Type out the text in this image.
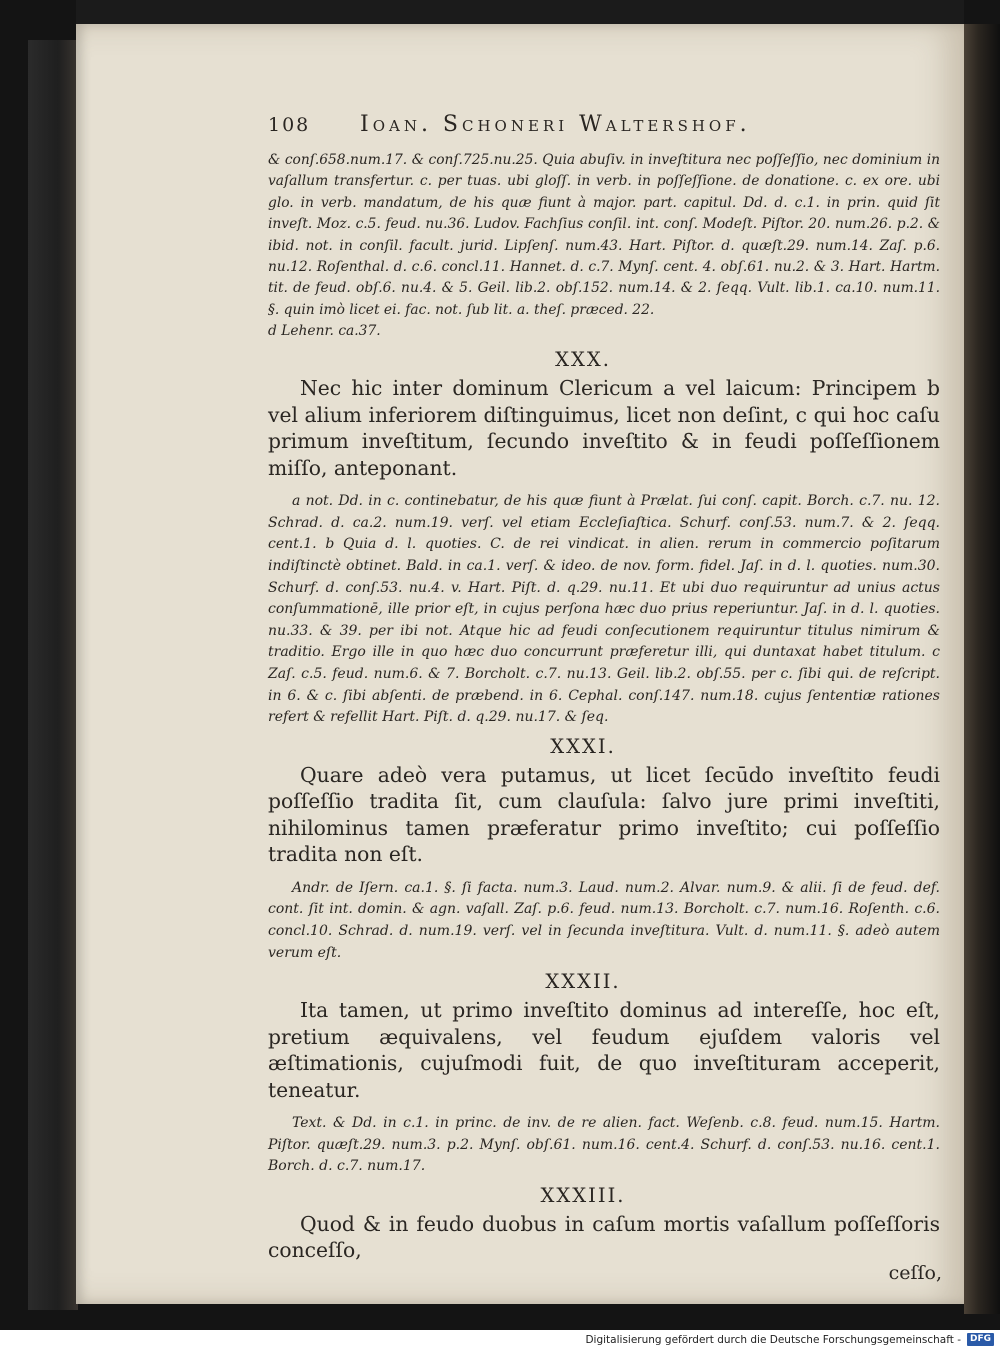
108	Ioan. Schoneri Waltershof.

& conſ.658.num.17. & conſ.725.nu.25. Quia abuſiv. in inveſtitura nec poſſeſſio, nec dominium in vaſallum transfertur. c. per tuas. ubi gloſſ. in verb. in poſſeſſione. de donatione. c. ex ore. ubi glo. in verb. mandatum, de his quæ fiunt à major. part. capitul. Dd. d. c.1. in prin. quid ſit inveſt. Moz. c.5. feud. nu.36. Ludov. Fachſius conſil. int. conſ. Modeſt. Piſtor. 20. num.26. p.2. & ibid. not. in conſil. facult. jurid. Lipſenſ. num.43. Hart. Piſtor. d. quæſt.29. num.14. Zaſ. p.6. nu.12. Roſenthal. d. c.6. concl.11. Hannet. d. c.7. Mynſ. cent. 4. obſ.61. nu.2. & 3. Hart. Hartm. tit. de feud. obſ.6. nu.4. & 5. Geil. lib.2. obſ.152. num.14. & 2. ſeqq. Vult. lib.1. ca.10. num.11. §. quin imò licet ei. fac. not. ſub lit. a. theſ. præced. 22.

d Lehenr. ca.37.

XXX.

Nec hic inter dominum Clericum a vel laicum: Principem b vel alium inferiorem diſtinguimus, licet non deſint, c qui hoc caſu primum inveſtitum, ſecundo inveſtito & in feudi poſſeſſionem miſſo, anteponant.

a not. Dd. in c. continebatur, de his quæ fiunt à Prælat. ſui conſ. capit. Borch. c.7. nu. 12. Schrad. d. ca.2. num.19. verſ. vel etiam Eccleſiaſtica. Schurf. conſ.53. num.7. & 2. ſeqq. cent.1. b Quia d. l. quoties. C. de rei vindicat. in alien. rerum in commercio poſitarum indiſtinctè obtinet. Bald. in ca.1. verſ. & ideo. de nov. form. fidel. Jaſ. in d. l. quoties. num.30. Schurf. d. conſ.53. nu.4. v. Hart. Piſt. d. q.29. nu.11. Et ubi duo requiruntur ad unius actus conſummationē, ille prior eſt, in cujus perſona hæc duo prius reperiuntur. Jaſ. in d. l. quoties. nu.33. & 39. per ibi not. Atque hic ad feudi conſecutionem requiruntur titulus nimirum & traditio. Ergo ille in quo hæc duo concurrunt præferetur illi, qui duntaxat habet titulum. c Zaſ. c.5. feud. num.6. & 7. Borcholt. c.7. nu.13. Geil. lib.2. obſ.55. per c. ſibi qui. de reſcript. in 6. & c. ſibi abſenti. de præbend. in 6. Cephal. conſ.147. num.18. cujus ſententiæ rationes refert & refellit Hart. Piſt. d. q.29. nu.17. & ſeq.

XXXI.

Quare adeò vera putamus, ut licet ſecūdo inveſtito feudi poſſeſſio tradita ſit, cum clauſula: ſalvo jure primi inveſtiti, nihilominus tamen præferatur primo inveſtito; cui poſſeſſio tradita non eſt.

Andr. de Iſern. ca.1. §. ſi facta. num.3. Laud. num.2. Alvar. num.9. & alii. ſi de feud. def. cont. ſit int. domin. & agn. vaſall. Zaſ. p.6. feud. num.13. Borcholt. c.7. num.16. Roſenth. c.6. concl.10. Schrad. d. num.19. verſ. vel in ſecunda inveſtitura. Vult. d. num.11. §. adeò autem verum eſt.

XXXII.

Ita tamen, ut primo inveſtito dominus ad intereſſe, hoc eſt, pretium æquivalens, vel feudum ejuſdem valoris vel æſtimationis, cujuſmodi fuit, de quo inveſtituram acceperit, teneatur.

Text. & Dd. in c.1. in princ. de inv. de re alien. fact. Weſenb. c.8. feud. num.15. Hartm. Piſtor. quæſt.29. num.3. p.2. Mynſ. obſ.61. num.16. cent.4. Schurf. d. conſ.53. nu.16. cent.1. Borch. d. c.7. num.17.

XXXIII.

Quod & in feudo duobus in caſum mortis vaſallum poſſeſſoris conceſſo,

ceſſo,
Digitalisierung gefördert durch die Deutsche Forschungsgemeinschaft -	DFG
